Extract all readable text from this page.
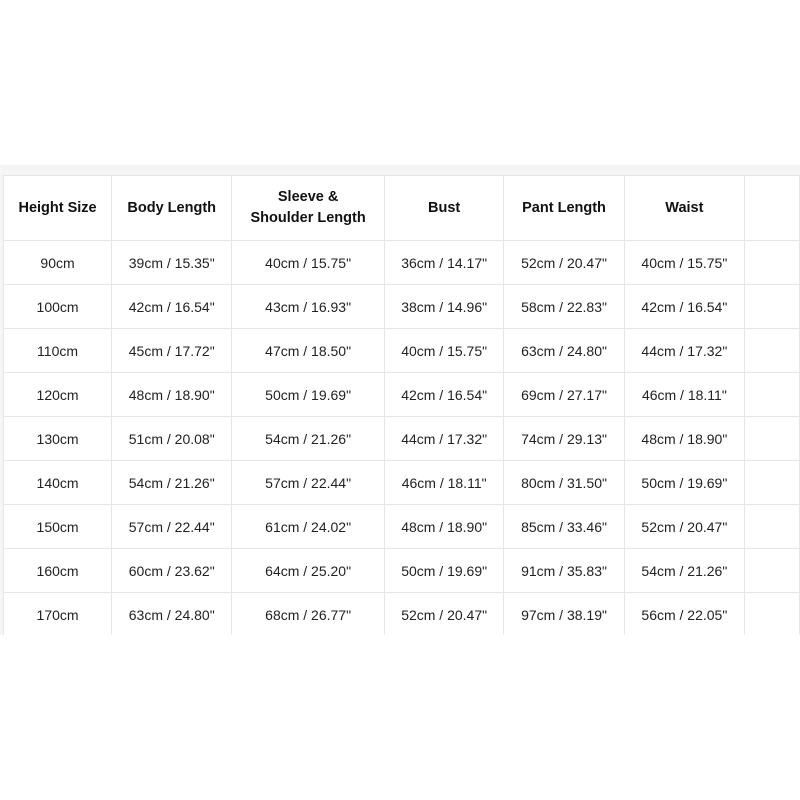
Height Size	Body Length	Sleeve &
Shoulder Length	Bust	Pant Length	Waist	
90cm	39cm / 15.35"	40cm / 15.75"	36cm / 14.17"	52cm / 20.47"	40cm / 15.75"	
100cm	42cm / 16.54"	43cm / 16.93"	38cm / 14.96"	58cm / 22.83"	42cm / 16.54"	
110cm	45cm / 17.72"	47cm / 18.50"	40cm / 15.75"	63cm / 24.80"	44cm / 17.32"	
120cm	48cm / 18.90"	50cm / 19.69"	42cm / 16.54"	69cm / 27.17"	46cm / 18.11"	
130cm	51cm / 20.08"	54cm / 21.26"	44cm / 17.32"	74cm / 29.13"	48cm / 18.90"	
140cm	54cm / 21.26"	57cm / 22.44"	46cm / 18.11"	80cm / 31.50"	50cm / 19.69"	
150cm	57cm / 22.44"	61cm / 24.02"	48cm / 18.90"	85cm / 33.46"	52cm / 20.47"	
160cm	60cm / 23.62"	64cm / 25.20"	50cm / 19.69"	91cm / 35.83"	54cm / 21.26"	
170cm	63cm / 24.80"	68cm / 26.77"	52cm / 20.47"	97cm / 38.19"	56cm / 22.05"	
